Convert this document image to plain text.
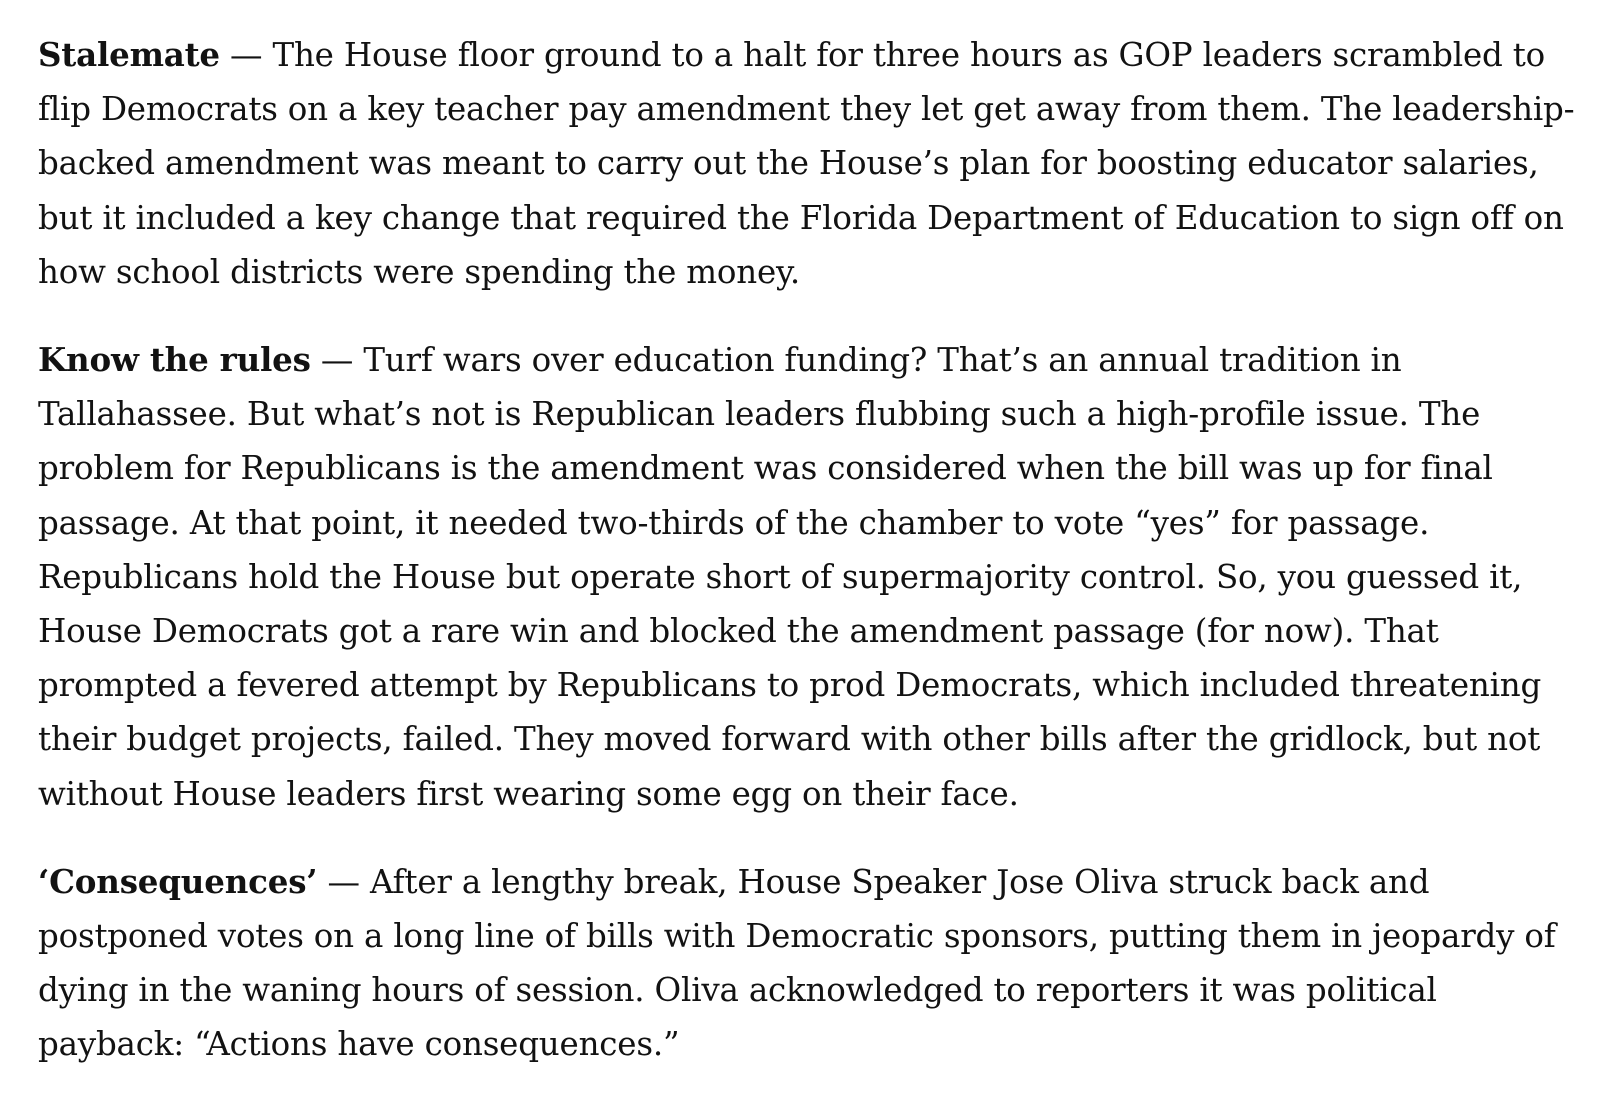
Stalemate — The House floor ground to a halt for three hours as GOP leaders scrambled to flip Democrats on a key teacher pay amendment they let get away from them. The leadership-backed amendment was meant to carry out the House’s plan for boosting educator salaries, but it included a key change that required the Florida Department of Education to sign off on how school districts were spending the money.

Know the rules — Turf wars over education funding? That’s an annual tradition in Tallahassee. But what’s not is Republican leaders flubbing such a high-profile issue. The problem for Republicans is the amendment was considered when the bill was up for final passage. At that point, it needed two-thirds of the chamber to vote “yes” for passage. Republicans hold the House but operate short of supermajority control. So, you guessed it, House Democrats got a rare win and blocked the amendment passage (for now). That prompted a fevered attempt by Republicans to prod Democrats, which included threatening their budget projects, failed. They moved forward with other bills after the gridlock, but not without House leaders first wearing some egg on their face.

‘Consequences’ — After a lengthy break, House Speaker Jose Oliva struck back and postponed votes on a long line of bills with Democratic sponsors, putting them in jeopardy of dying in the waning hours of session. Oliva acknowledged to reporters it was political payback: “Actions have consequences.”
